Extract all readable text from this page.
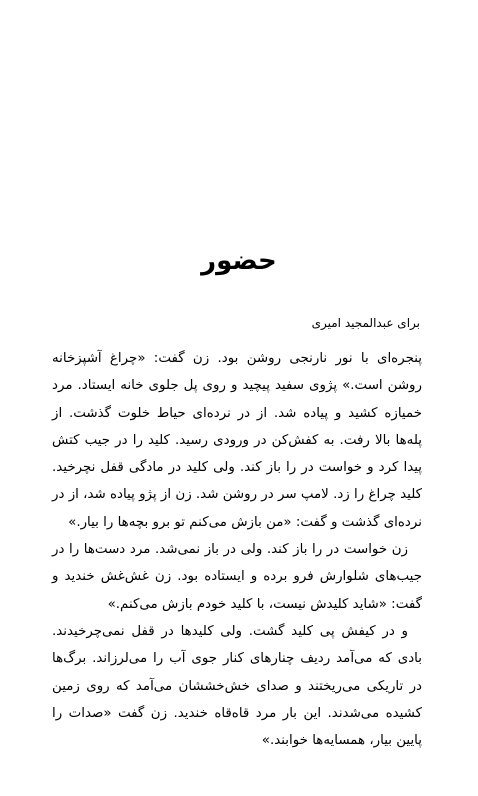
حضور

برای عبدالمجید امیری

پنجره‌ای با نور نارنجی روشن بود. زن گفت: «چراغ آشپزخانه روشن است.» پژوی سفید پیچید و روی پل جلوی خانه ایستاد. مرد خمیازه کشید و پیاده شد. از در نرده‌ای حیاط خلوت گذشت. از پله‌ها بالا رفت. به کفش‌کن در ورودی رسید. کلید را در جیب کتش پیدا کرد و خواست در را باز کند. ولی کلید در مادگی قفل نچرخید. کلید چراغ را زد. لامپ سر در روشن شد. زن از پژو پیاده شد، از در نرده‌ای گذشت و گفت: «من بازش می‌کنم تو برو بچه‌ها را بیار.»

زن خواست در را باز کند. ولی در باز نمی‌شد. مرد دست‌ها را در جیب‌های شلوارش فرو برده و ایستاده بود. زن غش‌غش خندید و گفت: «شاید کلیدش نیست، با کلید خودم بازش می‌کنم.»

و در کیفش پی کلید گشت. ولی کلیدها در قفل نمی‌چرخیدند. بادی که می‌آمد ردیف چنارهای کنار جوی آب را می‌لرزاند. برگ‌ها در تاریکی می‌ریختند و صدای خش‌خششان می‌آمد که روی زمین کشیده می‌شدند. این بار مرد قاه‌قاه خندید. زن گفت «صدات را پایین بیار، همسایه‌ها خوابند.»
